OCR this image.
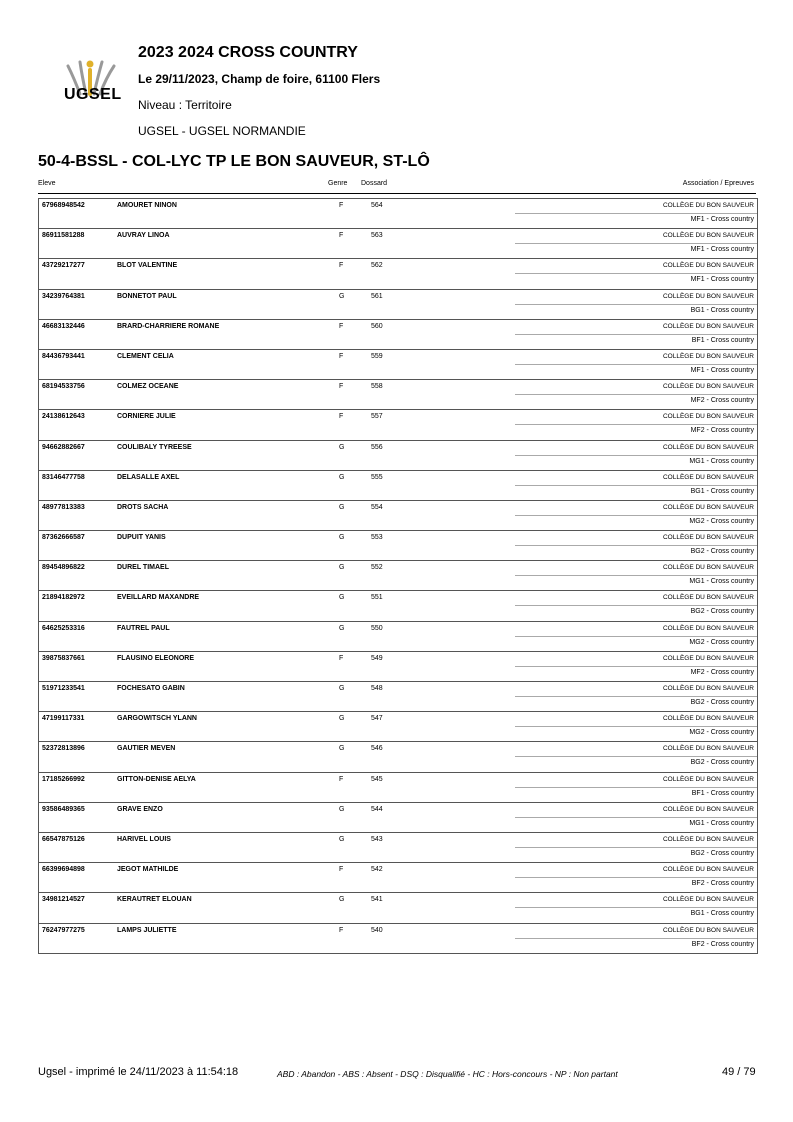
UGSEL
2023 2024 CROSS COUNTRY
Le 29/11/2023, Champ de foire, 61100 Flers
Niveau : Territoire
UGSEL - UGSEL NORMANDIE
50-4-BSSL - COL-LYC TP LE BON SAUVEUR, ST-LÔ
Eleve	Genre Dossard	Association / Epreuves
67968948542	AMOURET NINON	F	564	COLLÈGE DU BON SAUVEUR
MF1 - Cross country
86911581288	AUVRAY LINOA	F	563	COLLÈGE DU BON SAUVEUR
MF1 - Cross country
43729217277	BLOT VALENTINE	F	562	COLLÈGE DU BON SAUVEUR
MF1 - Cross country
34239764381	BONNETOT PAUL	G	561	COLLÈGE DU BON SAUVEUR
BG1 - Cross country
46683132446	BRARD-CHARRIERE ROMANE	F	560	COLLÈGE DU BON SAUVEUR
BF1 - Cross country
84436793441	CLEMENT CELIA	F	559	COLLÈGE DU BON SAUVEUR
MF1 - Cross country
68194533756	COLMEZ OCEANE	F	558	COLLÈGE DU BON SAUVEUR
MF2 - Cross country
24138612643	CORNIERE JULIE	F	557	COLLÈGE DU BON SAUVEUR
MF2 - Cross country
94662882667	COULIBALY TYREESE	G	556	COLLÈGE DU BON SAUVEUR
MG1 - Cross country
83146477758	DELASALLE AXEL	G	555	COLLÈGE DU BON SAUVEUR
BG1 - Cross country
48977813383	DROTS SACHA	G	554	COLLÈGE DU BON SAUVEUR
MG2 - Cross country
87362666587	DUPUIT YANIS	G	553	COLLÈGE DU BON SAUVEUR
BG2 - Cross country
89454896822	DUREL TIMAEL	G	552	COLLÈGE DU BON SAUVEUR
MG1 - Cross country
21894182972	EVEILLARD MAXANDRE	G	551	COLLÈGE DU BON SAUVEUR
BG2 - Cross country
64625253316	FAUTREL PAUL	G	550	COLLÈGE DU BON SAUVEUR
MG2 - Cross country
39875837661	FLAUSINO ELEONORE	F	549	COLLÈGE DU BON SAUVEUR
MF2 - Cross country
51971233541	FOCHESATO GABIN	G	548	COLLÈGE DU BON SAUVEUR
BG2 - Cross country
47199117331	GARGOWITSCH YLANN	G	547	COLLÈGE DU BON SAUVEUR
MG2 - Cross country
52372813896	GAUTIER MEVEN	G	546	COLLÈGE DU BON SAUVEUR
BG2 - Cross country
17185266992	GITTON-DENISE AELYA	F	545	COLLÈGE DU BON SAUVEUR
BF1 - Cross country
93586489365	GRAVE ENZO	G	544	COLLÈGE DU BON SAUVEUR
MG1 - Cross country
66547875126	HARIVEL LOUIS	G	543	COLLÈGE DU BON SAUVEUR
BG2 - Cross country
66399694898	JEGOT MATHILDE	F	542	COLLÈGE DU BON SAUVEUR
BF2 - Cross country
34981214527	KERAUTRET ELOUAN	G	541	COLLÈGE DU BON SAUVEUR
BG1 - Cross country
76247977275	LAMPS JULIETTE	F	540	COLLÈGE DU BON SAUVEUR
BF2 - Cross country
Ugsel - imprimé le 24/11/2023 à 11:54:18	ABD : Abandon - ABS : Absent - DSQ : Disqualifié - HC : Hors-concours - NP : Non partant	49 / 79
